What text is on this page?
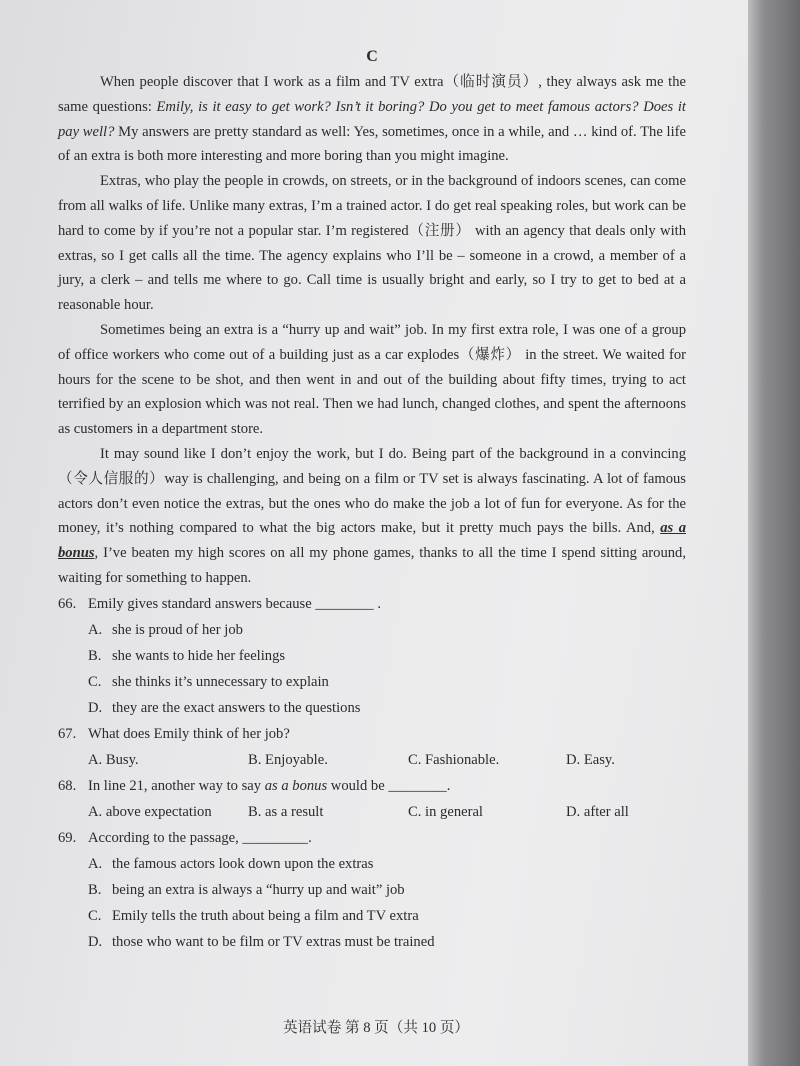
C

When people discover that I work as a film and TV extra（临时演员）, they always ask me the same questions: Emily, is it easy to get work? Isn’t it boring? Do you get to meet famous actors? Does it pay well? My answers are pretty standard as well: Yes, sometimes, once in a while, and … kind of. The life of an extra is both more interesting and more boring than you might imagine.

Extras, who play the people in crowds, on streets, or in the background of indoors scenes, can come from all walks of life. Unlike many extras, I’m a trained actor. I do get real speaking roles, but work can be hard to come by if you’re not a popular star. I’m registered（注册） with an agency that deals only with extras, so I get calls all the time. The agency explains who I’ll be – someone in a crowd, a member of a jury, a clerk – and tells me where to go. Call time is usually bright and early, so I try to get to bed at a reasonable hour.

Sometimes being an extra is a “hurry up and wait” job. In my first extra role, I was one of a group of office workers who come out of a building just as a car explodes（爆炸） in the street. We waited for hours for the scene to be shot, and then went in and out of the building about fifty times, trying to act terrified by an explosion which was not real. Then we had lunch, changed clothes, and spent the afternoons as customers in a department store.

It may sound like I don’t enjoy the work, but I do. Being part of the background in a convincing（令人信服的）way is challenging, and being on a film or TV set is always fascinating. A lot of famous actors don’t even notice the extras, but the ones who do make the job a lot of fun for everyone. As for the money, it’s nothing compared to what the big actors make, but it pretty much pays the bills. And, as a bonus, I’ve beaten my high scores on all my phone games, thanks to all the time I spend sitting around, waiting for something to happen.

66. Emily gives standard answers because ________ .

A. she is proud of her job

B. she wants to hide her feelings

C. she thinks it’s unnecessary to explain

D. they are the exact answers to the questions

67. What does Emily think of her job?

A. Busy.	B. Enjoyable.	C. Fashionable.	D. Easy.

68. In line 21, another way to say as a bonus would be ________.

A. above expectation B. as a result	C. in general	D. after all

69. According to the passage, _________.

A. the famous actors look down upon the extras

B. being an extra is always a “hurry up and wait” job

C. Emily tells the truth about being a film and TV extra

D. those who want to be film or TV extras must be trained

英语试卷 第 8 页（共 10 页）
